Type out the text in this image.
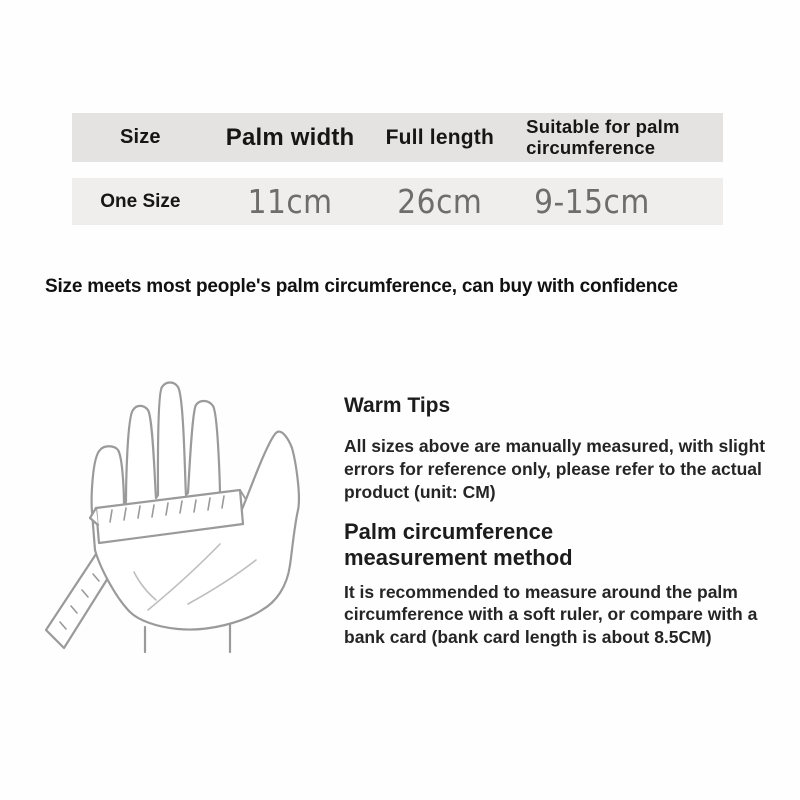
Size	Palm width	Full length	Suitable for palm circumference
One Size	11cm	26cm	9-15cm
Size meets most people's palm circumference, can buy with confidence
Warm Tips
All sizes above are manually measured, with slight errors for reference only, please refer to the actual product (unit: CM)
Palm circumference measurement method
It is recommended to measure around the palm circumference with a soft ruler, or compare with a bank card (bank card length is about 8.5CM)
